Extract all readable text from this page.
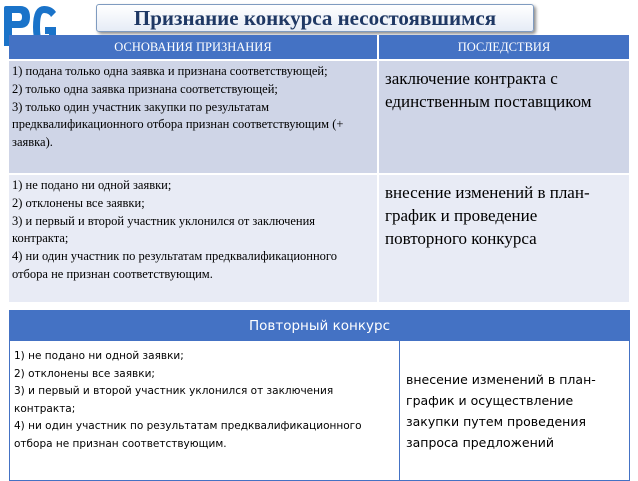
Признание конкурса несостоявшимся
ОСНОВАНИЯ ПРИЗНАНИЯ	ПОСЛЕДСТВИЯ

1) подана только одна заявка и признана соответствующей;
2) только одна заявка признана соответствующей;
3) только один участник закупки по результатам предквалификационного отбора признан соответствующим (+ заявка).	заключение контракта с единственным поставщиком

1) не подано ни одной заявки;
2) отклонены все заявки;
3) и первый и второй участник уклонился от заключения контракта;
4) ни один участник по результатам предквалификационного отбора не признан соответствующим.	внесение изменений в план-график и проведение повторного конкурса
Повторный конкурс

1) не подано ни одной заявки;
2) отклонены все заявки;
3) и первый и второй участник уклонился от заключения контракта;
4) ни один участник по результатам предквалификационного отбора не признан соответствующим.
	внесение изменений в план-график и осуществление закупки путем проведения запроса предложений
